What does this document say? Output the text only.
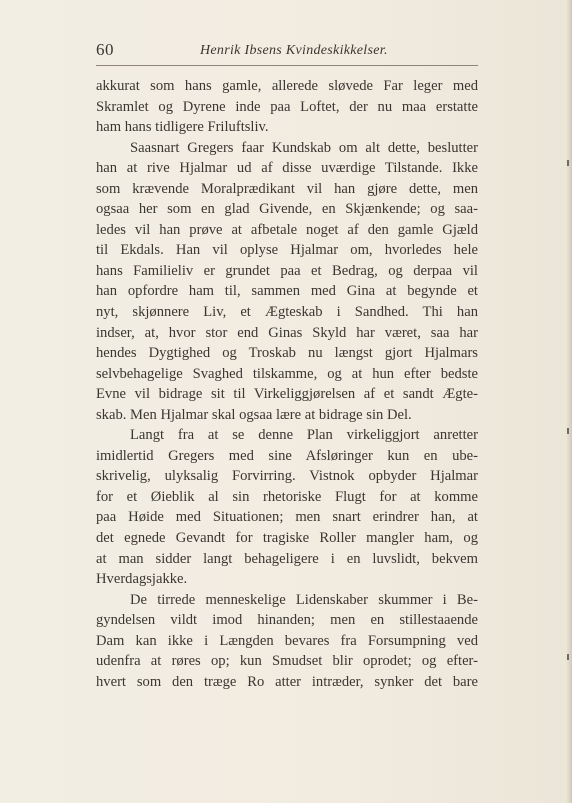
60	Henrik Ibsens Kvindeskikkelser.
akkurat som hans gamle, allerede sløvede Far leger med
Skramlet og Dyrene inde paa Loftet, der nu maa erstatte
ham hans tidligere Friluftsliv.
Saasnart Gregers faar Kundskab om alt dette, beslutter
han at rive Hjalmar ud af disse uværdige Tilstande. Ikke
som krævende Moralprædikant vil han gjøre dette, men
ogsaa her som en glad Givende, en Skjænkende; og saa-
ledes vil han prøve at afbetale noget af den gamle Gjæld
til Ekdals. Han vil oplyse Hjalmar om, hvorledes hele
hans Familieliv er grundet paa et Bedrag, og derpaa vil
han opfordre ham til, sammen med Gina at begynde et
nyt, skjønnere Liv, et Ægteskab i Sandhed. Thi han
indser, at, hvor stor end Ginas Skyld har været, saa har
hendes Dygtighed og Troskab nu længst gjort Hjalmars
selvbehagelige Svaghed tilskamme, og at hun efter bedste
Evne vil bidrage sit til Virkeliggjørelsen af et sandt Ægte-
skab. Men Hjalmar skal ogsaa lære at bidrage sin Del.
Langt fra at se denne Plan virkeliggjort anretter
imidlertid Gregers med sine Afsløringer kun en ube-
skrivelig, ulyksalig Forvirring. Vistnok opbyder Hjalmar
for et Øieblik al sin rhetoriske Flugt for at komme
paa Høide med Situationen; men snart erindrer han, at
det egnede Gevandt for tragiske Roller mangler ham, og
at man sidder langt behageligere i en luvslidt, bekvem
Hverdagsjakke.
De tirrede menneskelige Lidenskaber skummer i Be-
gyndelsen vildt imod hinanden; men en stillestaaende
Dam kan ikke i Længden bevares fra Forsumpning ved
udenfra at røres op; kun Smudset blir oprodet; og efter-
hvert som den træge Ro atter intræder, synker det bare
